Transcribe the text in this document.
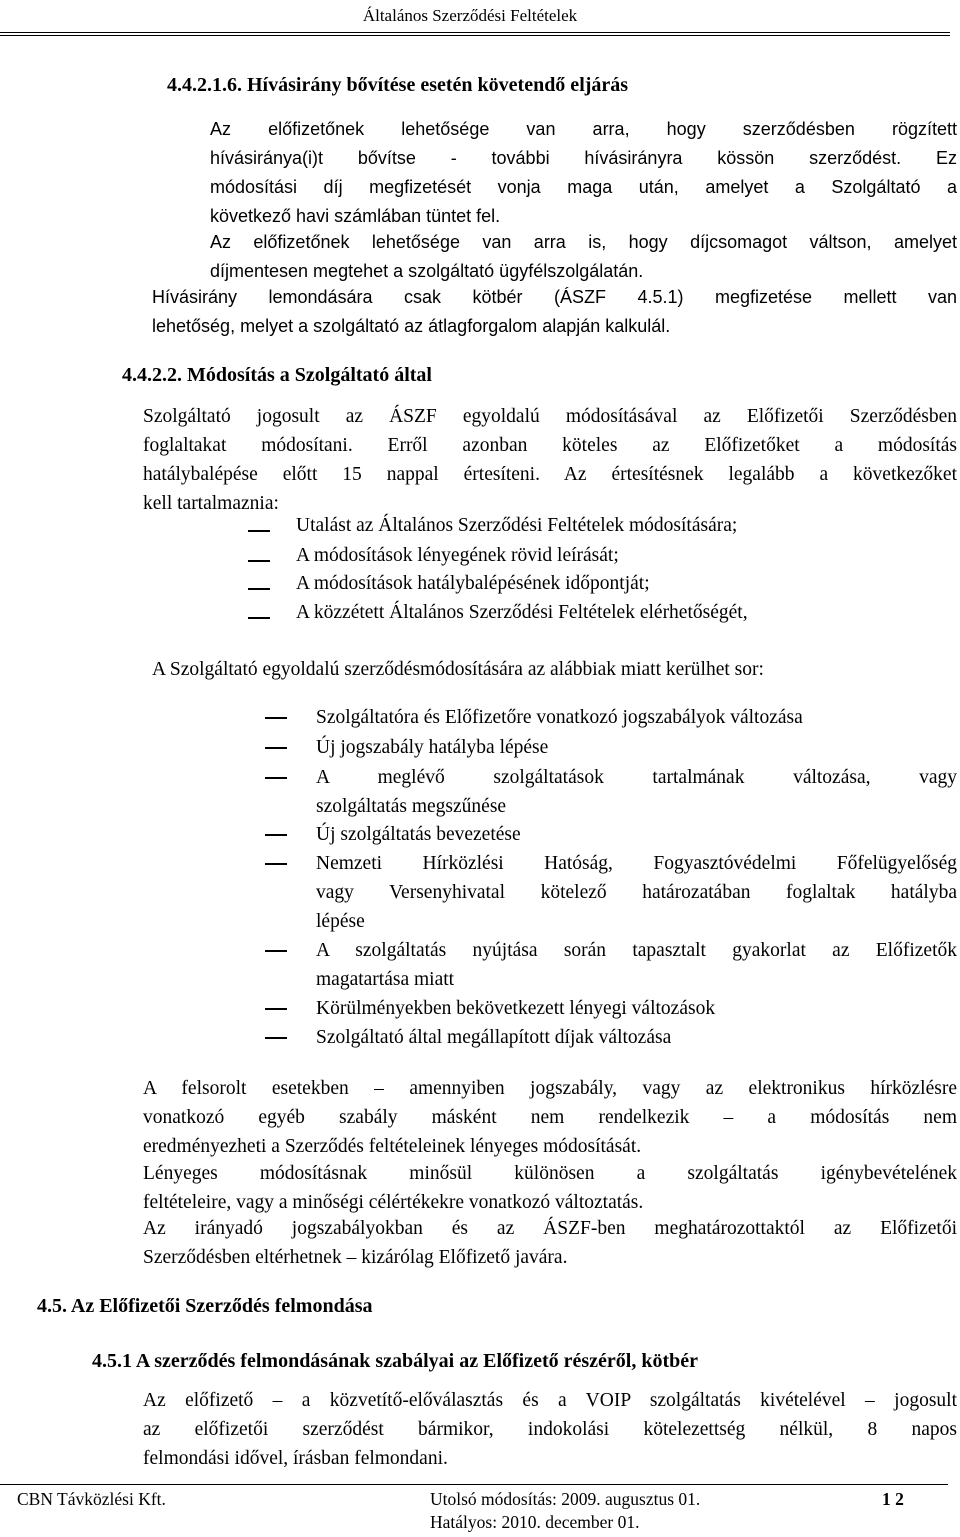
Általános Szerződési Feltételek
4.4.2.1.6. Hívásirány bővítése esetén követendő eljárás
Az előfizetőnek lehetősége van arra, hogy szerződésben rögzített
hívásiránya(i)t bővítse - további hívásirányra kössön szerződést. Ez
módosítási díj megfizetését vonja maga után, amelyet a Szolgáltató a
következő havi számlában tüntet fel.
Az előfizetőnek lehetősége van arra is, hogy díjcsomagot váltson, amelyet
díjmentesen megtehet a szolgáltató ügyfélszolgálatán.
Hívásirány lemondására csak kötbér (ÁSZF 4.5.1) megfizetése mellett van
lehetőség, melyet a szolgáltató az átlagforgalom alapján kalkulál.
4.4.2.2. Módosítás a Szolgáltató által
Szolgáltató jogosult az ÁSZF egyoldalú módosításával az Előfizetői Szerződésben
foglaltakat módosítani. Erről azonban köteles az Előfizetőket a módosítás
hatálybalépése előtt 15 nappal értesíteni. Az értesítésnek legalább a következőket
kell tartalmaznia:
Utalást az Általános Szerződési Feltételek módosítására;
A módosítások lényegének rövid leírását;
A módosítások hatálybalépésének időpontját;
A közzétett Általános Szerződési Feltételek elérhetőségét,
A Szolgáltató egyoldalú szerződésmódosítására az alábbiak miatt kerülhet sor:
Szolgáltatóra és Előfizetőre vonatkozó jogszabályok változása
Új jogszabály hatályba lépése
A meglévő szolgáltatások tartalmának változása, vagy
szolgáltatás megszűnése
Új szolgáltatás bevezetése
Nemzeti Hírközlési Hatóság, Fogyasztóvédelmi Főfelügyelőség
vagy Versenyhivatal kötelező határozatában foglaltak hatályba
lépése
A szolgáltatás nyújtása során tapasztalt gyakorlat az Előfizetők
magatartása miatt
Körülményekben bekövetkezett lényegi változások
Szolgáltató által megállapított díjak változása
A felsorolt esetekben – amennyiben jogszabály, vagy az elektronikus hírközlésre
vonatkozó egyéb szabály másként nem rendelkezik – a módosítás nem
eredményezheti a Szerződés feltételeinek lényeges módosítását.
Lényeges módosításnak minősül különösen a szolgáltatás igénybevételének
feltételeire, vagy a minőségi célértékekre vonatkozó változtatás.
Az irányadó jogszabályokban és az ÁSZF-ben meghatározottaktól az Előfizetői
Szerződésben eltérhetnek – kizárólag Előfizető javára.
4.5. Az Előfizetői Szerződés felmondása
4.5.1 A szerződés felmondásának szabályai az Előfizető részéről, kötbér
Az előfizető – a közvetítő-előválasztás és a VOIP szolgáltatás kivételével – jogosult
az előfizetői szerződést bármikor, indokolási kötelezettség nélkül, 8 napos
felmondási idővel, írásban felmondani.
CBN Távközlési Kft.	Utolsó módosítás: 2009. augusztus 01.
Hatályos: 2010. december 01.
1 2
